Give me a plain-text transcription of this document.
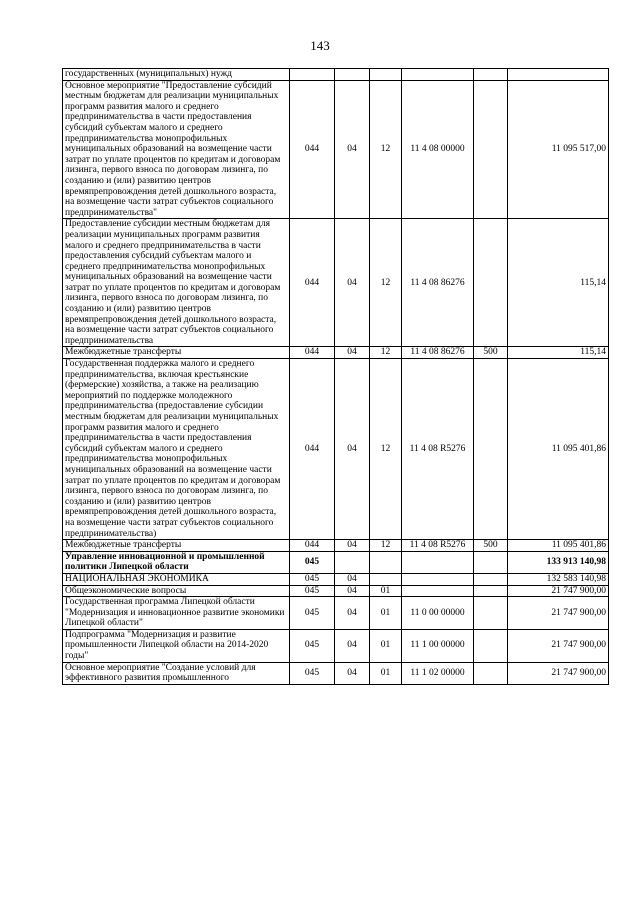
143
государственных (муниципальных) нужд						
Основное мероприятие "Предоставление субсидий местным бюджетам для реализации муниципальных программ развития малого и среднего предпринимательства в части предоставления субсидий субъектам малого и среднего предпринимательства монопрофильных муниципальных образований на возмещение части затрат по уплате процентов по кредитам и договорам лизинга, первого взноса по договорам лизинга, по созданию и (или) развитию центров времяпрепровождения детей дошкольного возраста, на возмещение части затрат субъектов социального предпринимательства"	044	04	12	11 4 08 00000		11 095 517,00
Предоставление субсидии местным бюджетам для реализации муниципальных программ развития малого и среднего предпринимательства в части предоставления субсидий субъектам малого и среднего предпринимательства монопрофильных муниципальных образований на возмещение части затрат по уплате процентов по кредитам и договорам лизинга, первого взноса по договорам лизинга, по созданию и (или) развитию центров времяпрепровождения детей дошкольного возраста, на возмещение части затрат субъектов социального предпринимательства	044	04	12	11 4 08 86276		115,14
Межбюджетные трансферты	044	04	12	11 4 08 86276	500	115,14
Государственная поддержка малого и среднего предпринимательства, включая крестьянские (фермерские) хозяйства, а также на реализацию мероприятий по поддержке молодежного предпринимательства (предоставление субсидии местным бюджетам для реализации муниципальных программ развития малого и среднего предпринимательства в части предоставления субсидий субъектам малого и среднего предпринимательства монопрофильных муниципальных образований на возмещение части затрат по уплате процентов по кредитам и договорам лизинга, первого взноса по договорам лизинга, по созданию и (или) развитию центров времяпрепровождения детей дошкольного возраста, на возмещение части затрат субъектов социального предпринимательства)	044	04	12	11 4 08 R5276		11 095 401,86
Межбюджетные трансферты	044	04	12	11 4 08 R5276	500	11 095 401,86
Управление инновационной и промышленной политики Липецкой области	045					133 913 140,98
НАЦИОНАЛЬНАЯ ЭКОНОМИКА	045	04				132 583 140,98
Общеэкономические вопросы	045	04	01			21 747 900,00
Государственная программа Липецкой области "Модернизация и инновационное развитие экономики Липецкой области"	045	04	01	11 0 00 00000		21 747 900,00
Подпрограмма "Модернизация и развитие промышленности Липецкой области на 2014-2020 годы"	045	04	01	11 1 00 00000		21 747 900,00
Основное мероприятие "Создание условий для эффективного развития промышленного	045	04	01	11 1 02 00000		21 747 900,00
